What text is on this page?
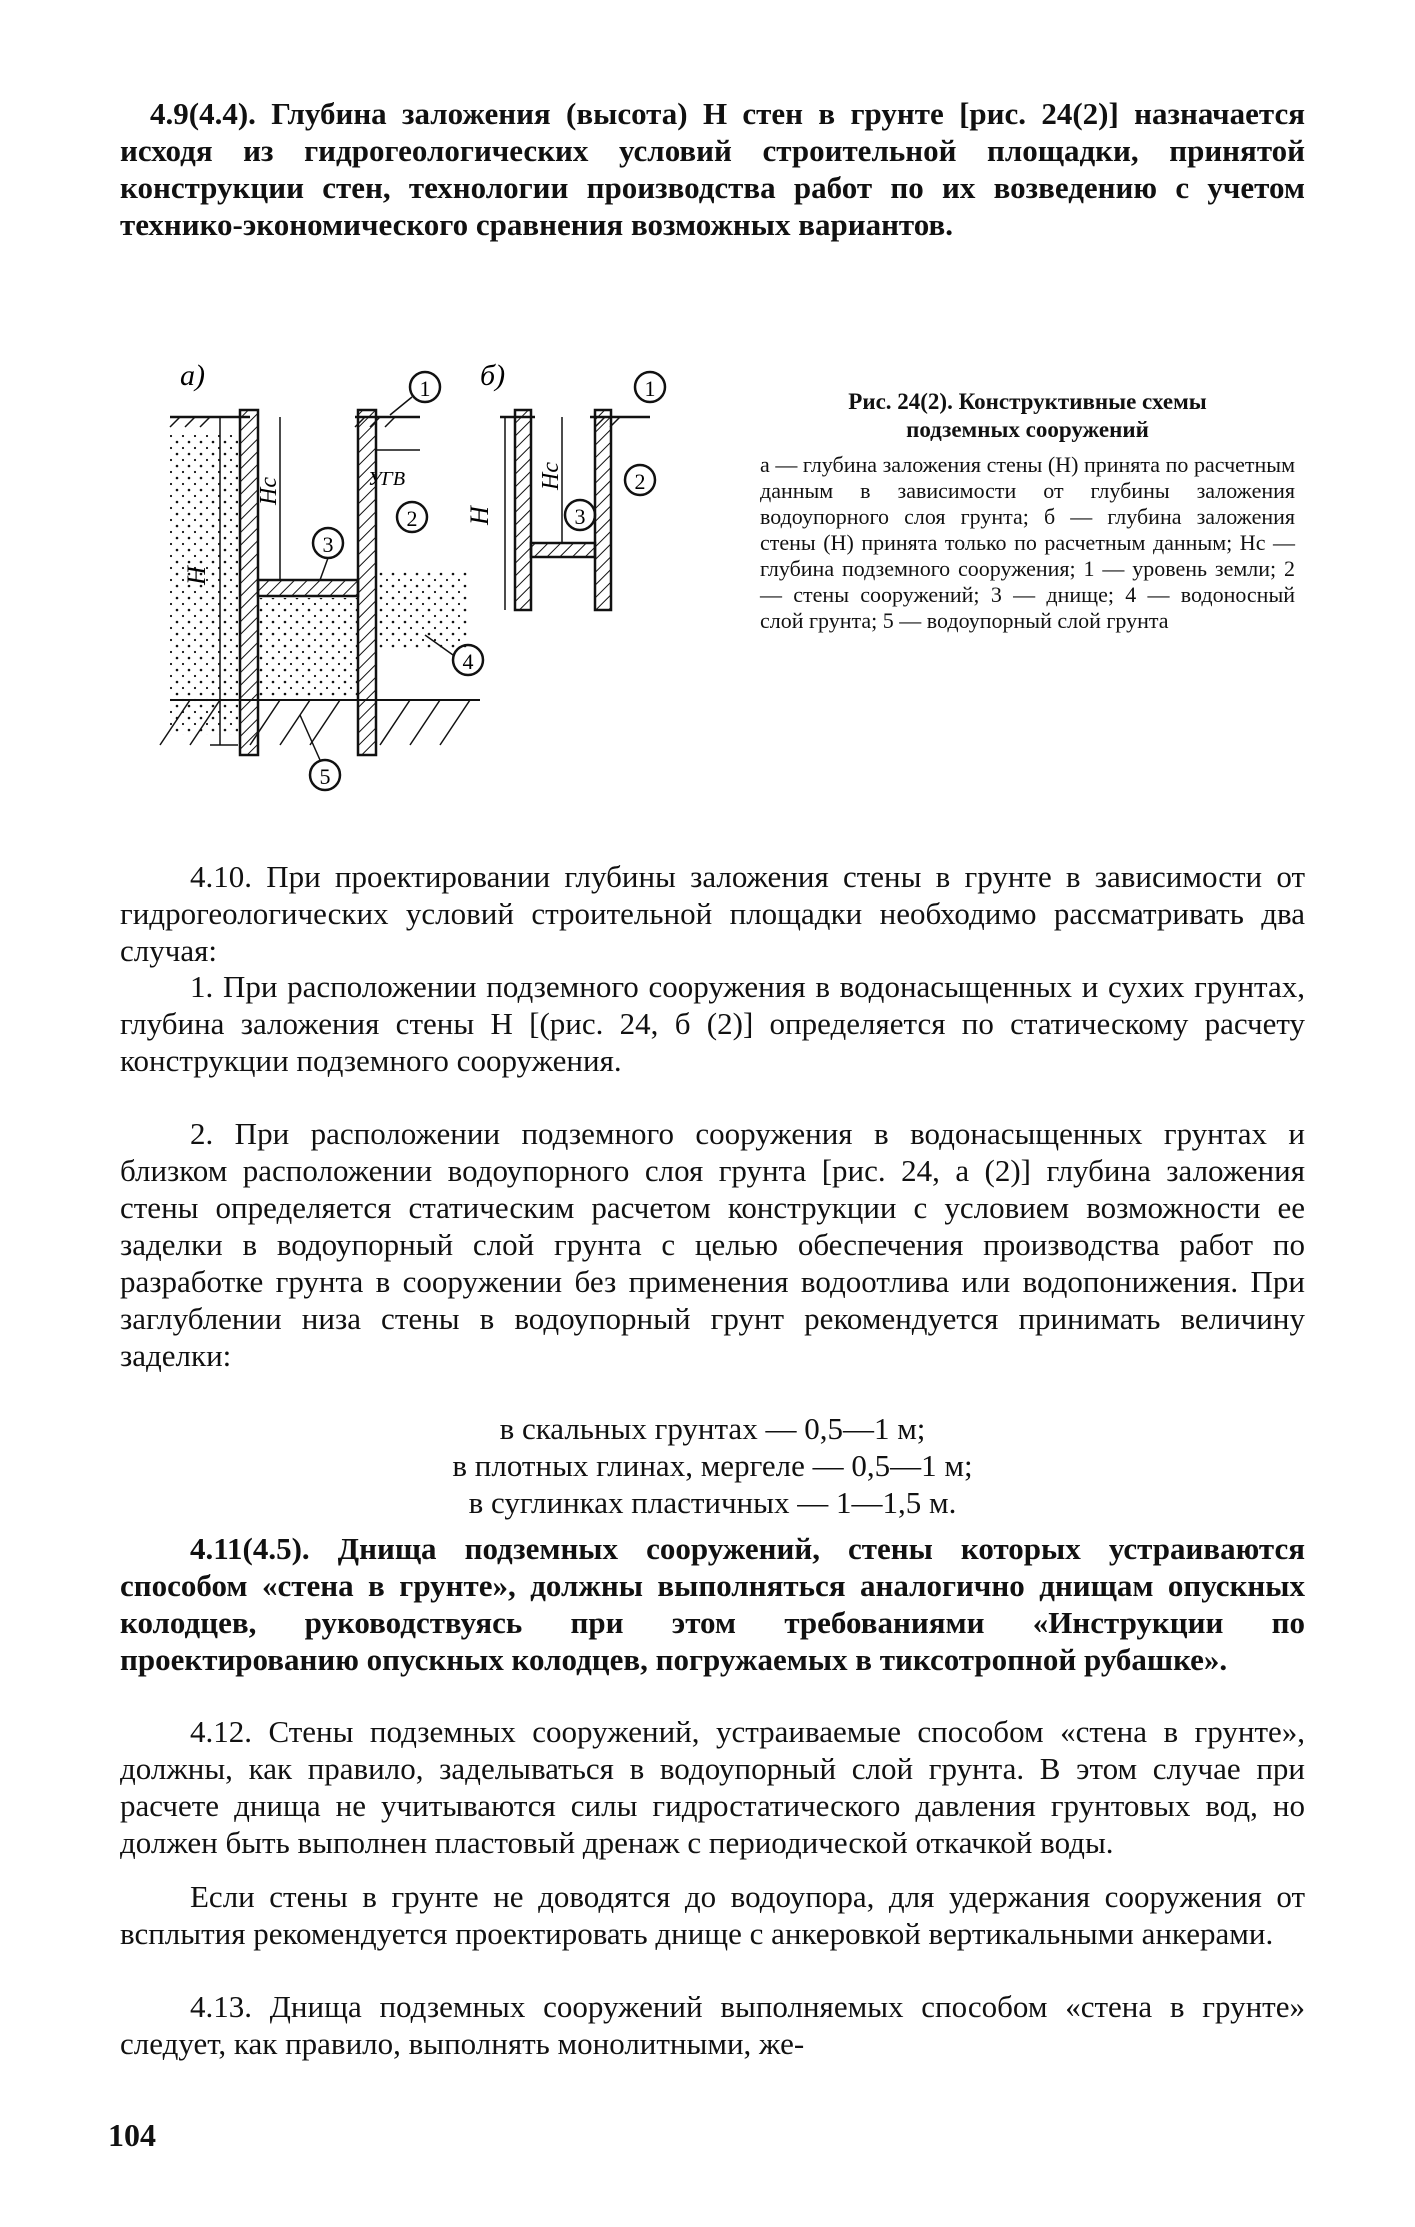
4.9(4.4). Глубина заложения (высота) H стен в грунте [рис. 24(2)] назначается исходя из гидрогеологических условий строительной площадки, принятой конструкции стен, технологии производства работ по их возведению с учетом технико-экономического сравнения возможных вариантов.

а)
УГВ
H
Hс
1
2
3
4
5
б)
H
Hс
1
2
3

Рис. 24(2). Конструктивные схемы
подземных сооружений

а — глубина заложения стены (H) принята по расчетным данным в зависимости от глубины заложения водоупорного слоя грунта; б — глубина заложения стены (H) принята только по расчетным данным; Hс — глубина подземного сооружения; 1 — уровень земли; 2 — стены сооружений; 3 — днище; 4 — водоносный слой грунта; 5 — водоупорный слой грунта

4.10. При проектировании глубины заложения стены в грунте в зависимости от гидрогеологических условий строительной площадки необходимо рассматривать два случая:

1. При расположении подземного сооружения в водонасыщенных и сухих грунтах, глубина заложения стены H [(рис. 24, б (2)] определяется по статическому расчету конструкции подземного сооружения.

2. При расположении подземного сооружения в водонасыщенных грунтах и близком расположении водоупорного слоя грунта [рис. 24, а (2)] глубина заложения стены определяется статическим расчетом конструкции с условием возможности ее заделки в водоупорный слой грунта с целью обеспечения производства работ по разработке грунта в сооружении без применения водоотлива или водопонижения. При заглублении низа стены в водоупорный грунт рекомендуется принимать величину заделки:

в скальных грунтах — 0,5—1 м;
в плотных глинах, мергеле — 0,5—1 м;
в суглинках пластичных — 1—1,5 м.

4.11(4.5). Днища подземных сооружений, стены которых устраиваются способом «стена в грунте», должны выполняться аналогично днищам опускных колодцев, руководствуясь при этом требованиями «Инструкции по проектированию опускных колодцев, погружаемых в тиксотропной рубашке».

4.12. Стены подземных сооружений, устраиваемые способом «стена в грунте», должны, как правило, заделываться в водоупорный слой грунта. В этом случае при расчете днища не учитываются силы гидростатического давления грунтовых вод, но должен быть выполнен пластовый дренаж с периодической откачкой воды.

Если стены в грунте не доводятся до водоупора, для удержания сооружения от всплытия рекомендуется проектировать днище с анкеровкой вертикальными анкерами.

4.13. Днища подземных сооружений выполняемых способом «стена в грунте» следует, как правило, выполнять монолитными, же-

104
